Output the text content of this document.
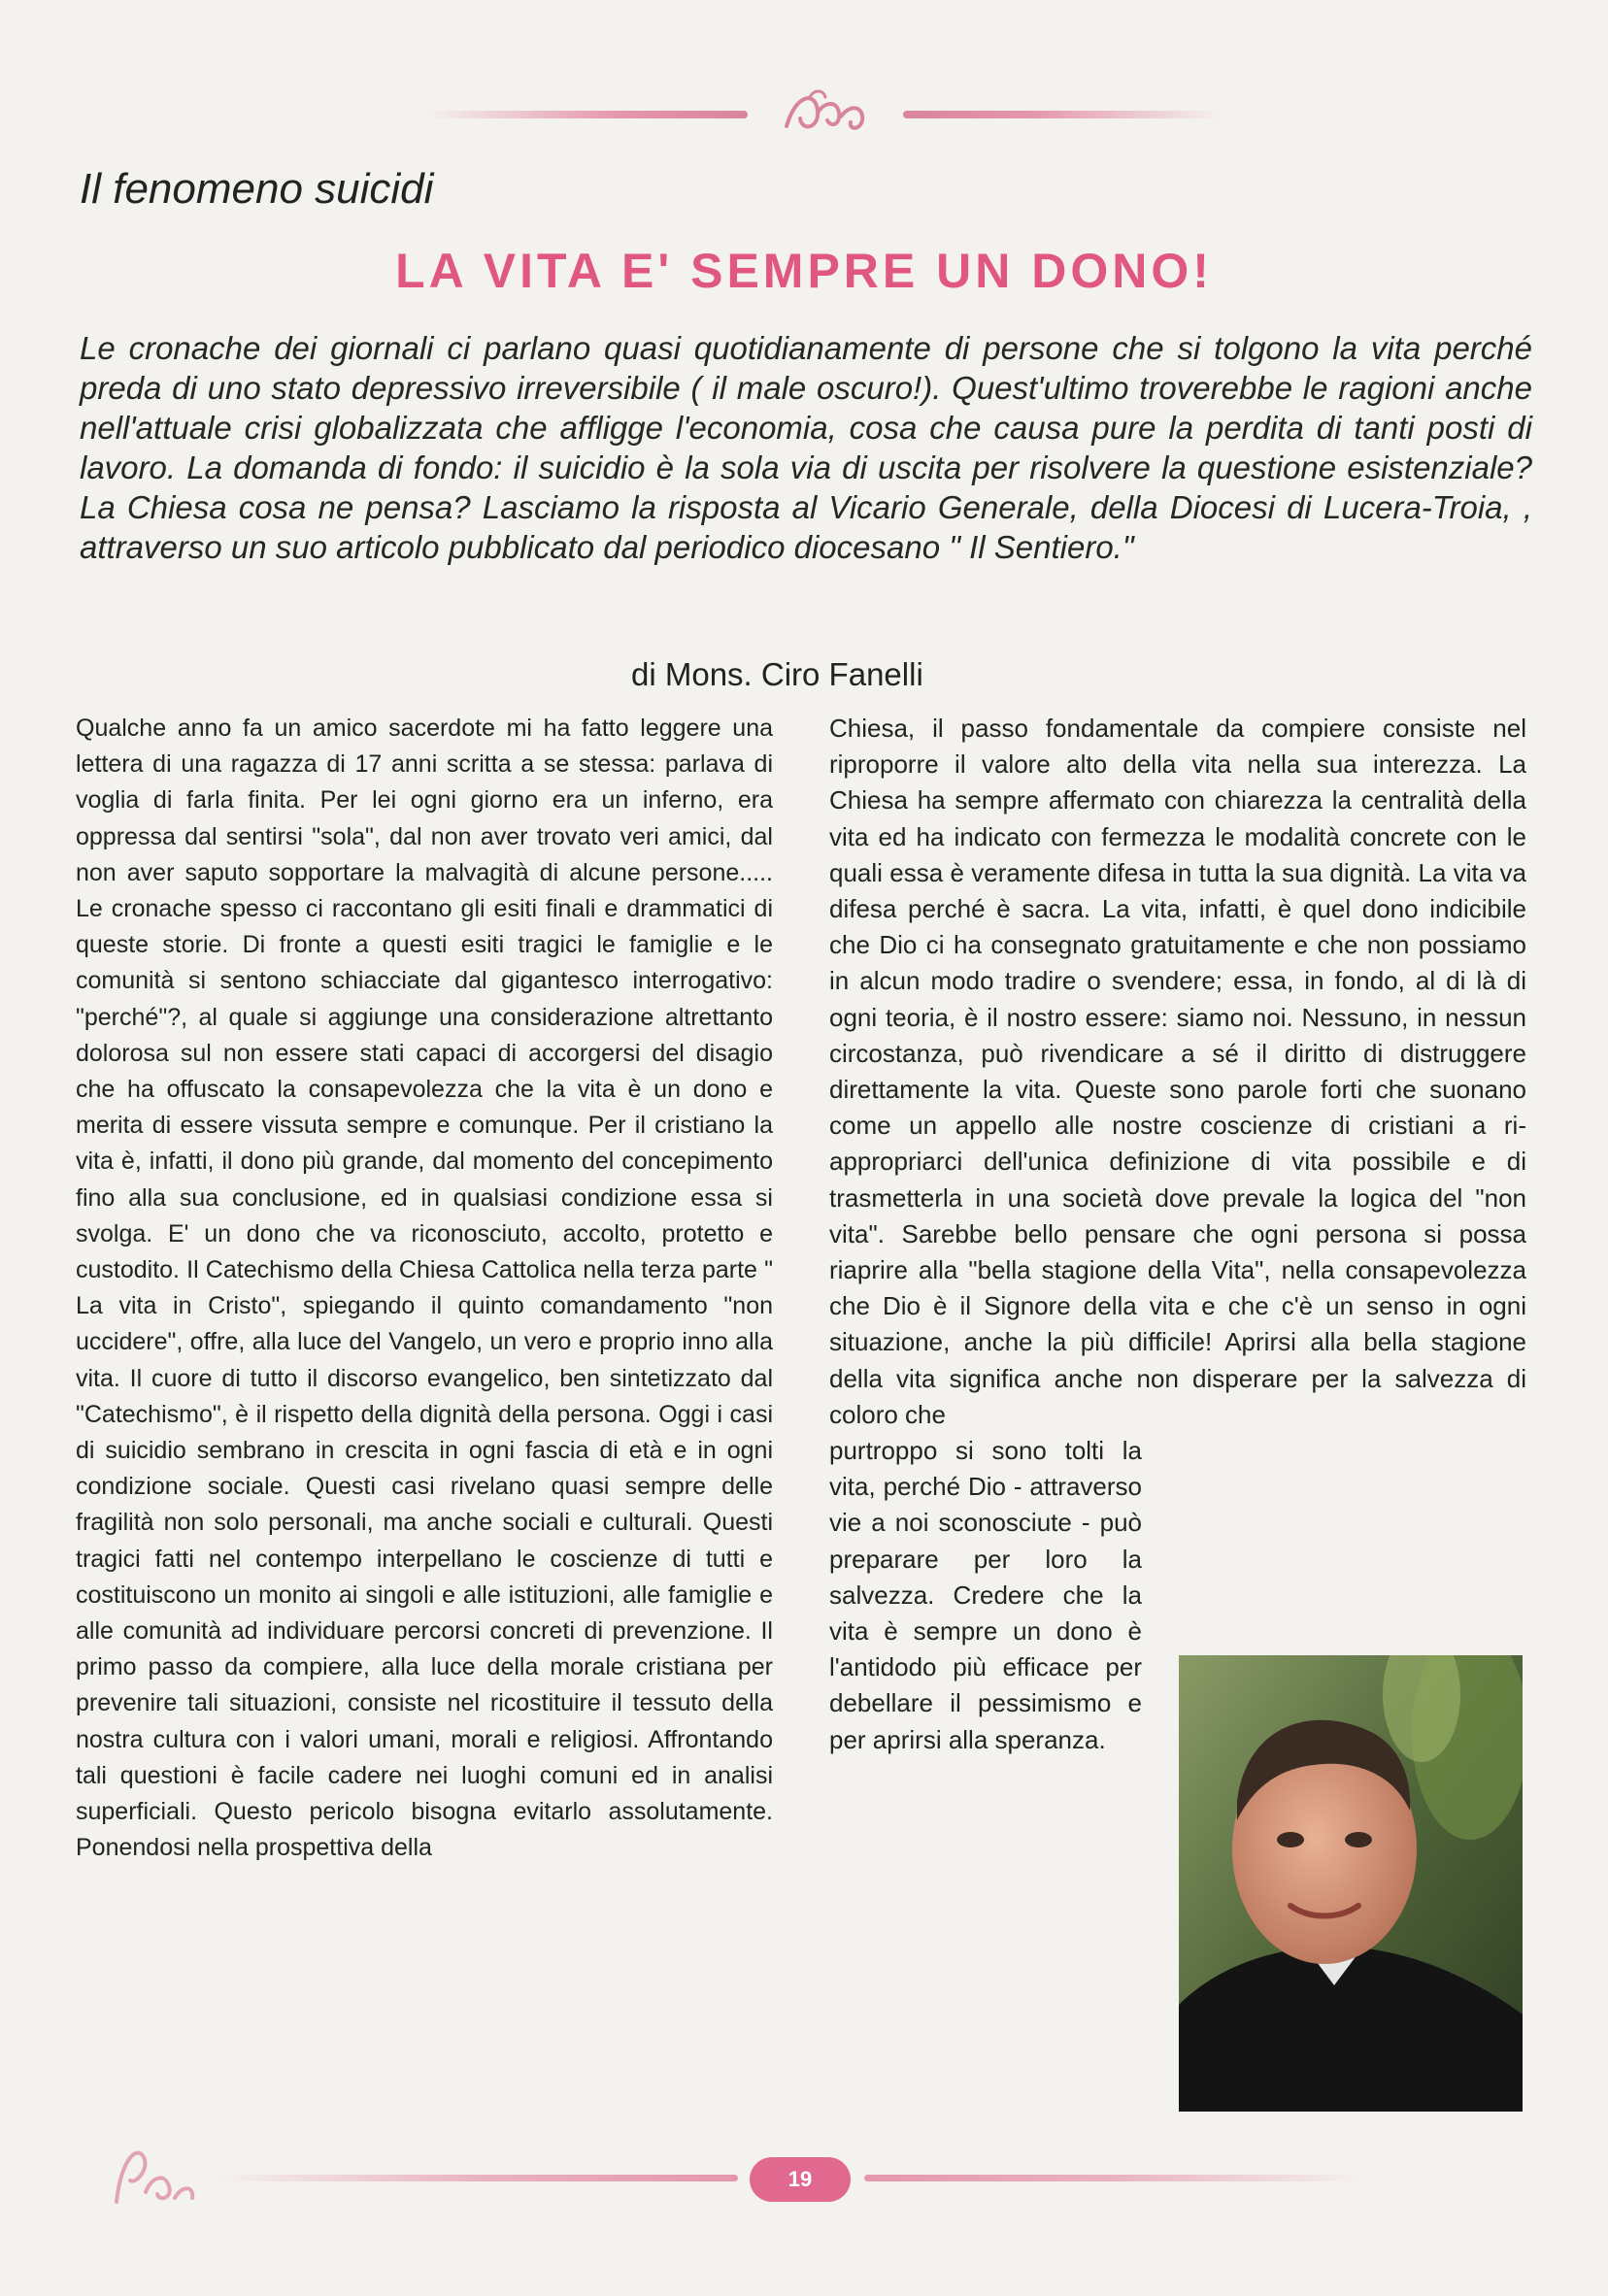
Il fenomeno suicidi
LA VITA E' SEMPRE UN DONO!
Le cronache dei giornali ci parlano quasi quotidianamente di persone che si tolgono la vita perché preda di uno stato depressivo irreversibile ( il male oscuro!). Quest'ultimo troverebbe le ragioni anche nell'attuale crisi globalizzata che affligge l'economia, cosa che causa pure la perdita di tanti posti di lavoro. La domanda di fondo: il suicidio è la sola via di uscita per risolvere la questione esistenziale? La Chiesa cosa ne pensa? Lasciamo la risposta al Vicario Generale, della Diocesi di Lucera-Troia, , attraverso un suo articolo pubblicato dal periodico diocesano " Il Sentiero."
di Mons. Ciro Fanelli

Qualche anno fa un amico sacerdote mi ha fatto leggere una lettera di una ragazza di 17 anni scritta a se stessa: parlava di voglia di farla finita. Per lei ogni giorno era un inferno, era oppressa dal sentirsi "sola", dal non aver trovato veri amici, dal non aver saputo sopportare la malvagità di alcune persone..... Le cronache spesso ci raccontano gli esiti finali e drammatici di queste storie. Di fronte a questi esiti tragici le famiglie e le comunità si sentono schiacciate dal gigantesco interrogativo: "perché"?, al quale si aggiunge una considerazione altrettanto dolorosa sul non essere stati capaci di accorgersi del disagio che ha offuscato la consapevolezza che la vita è un dono e merita di essere vissuta sempre e comunque. Per il cristiano la vita è, infatti, il dono più grande, dal momento del concepimento fino alla sua conclusione, ed in qualsiasi condizione essa si svolga. E' un dono che va riconosciuto, accolto, protetto e custodito. Il Catechismo della Chiesa Cattolica nella terza parte " La vita in Cristo", spiegando il quinto comandamento "non uccidere", offre, alla luce del Vangelo, un vero e proprio inno alla vita. Il cuore di tutto il discorso evangelico, ben sintetizzato dal "Catechismo", è il rispetto della dignità della persona. Oggi i casi di suicidio sembrano in crescita in ogni fascia di età e in ogni condizione sociale. Questi casi rivelano quasi sempre delle fragilità non solo personali, ma anche sociali e culturali. Questi tragici fatti nel contempo interpellano le coscienze di tutti e costituiscono un monito ai singoli e alle istituzioni, alle famiglie e alle comunità ad individuare percorsi concreti di prevenzione. Il primo passo da compiere, alla luce della morale cristiana per prevenire tali situazioni, consiste nel ricostituire il tessuto della nostra cultura con i valori umani, morali e religiosi. Affrontando tali questioni è facile cadere nei luoghi comuni ed in analisi superficiali. Questo pericolo bisogna evitarlo assolutamente. Ponendosi nella prospettiva della

Chiesa, il passo fondamentale da compiere consiste nel riproporre il valore alto della vita nella sua interezza. La Chiesa ha sempre affermato con chiarezza la centralità della vita ed ha indicato con fermezza le modalità concrete con le quali essa è veramente difesa in tutta la sua dignità. La vita va difesa perché è sacra. La vita, infatti, è quel dono indicibile che Dio ci ha consegnato gratuitamente e che non possiamo in alcun modo tradire o svendere; essa, in fondo, al di là di ogni teoria, è il nostro essere: siamo noi. Nessuno, in nessun circostanza, può rivendicare a sé il diritto di distruggere direttamente la vita. Queste sono parole forti che suonano come un appello alle nostre coscienze di cristiani a ri-appropriarci dell'unica definizione di vita possibile e di trasmetterla in una società dove prevale la logica del "non vita". Sarebbe bello pensare che ogni persona si possa riaprire alla "bella stagione della Vita", nella consapevolezza che Dio è il Signore della vita e che c'è un senso in ogni situazione, anche la più difficile! Aprirsi alla bella stagione della vita significa anche non disperare per la salvezza di coloro che

purtroppo si sono tolti la vita, perché Dio - attraverso vie a noi sconosciute - può preparare per loro la salvezza. Credere che la vita è sempre un dono è l'antidodo più efficace per debellare il pessimismo e per aprirsi alla speranza.

19
